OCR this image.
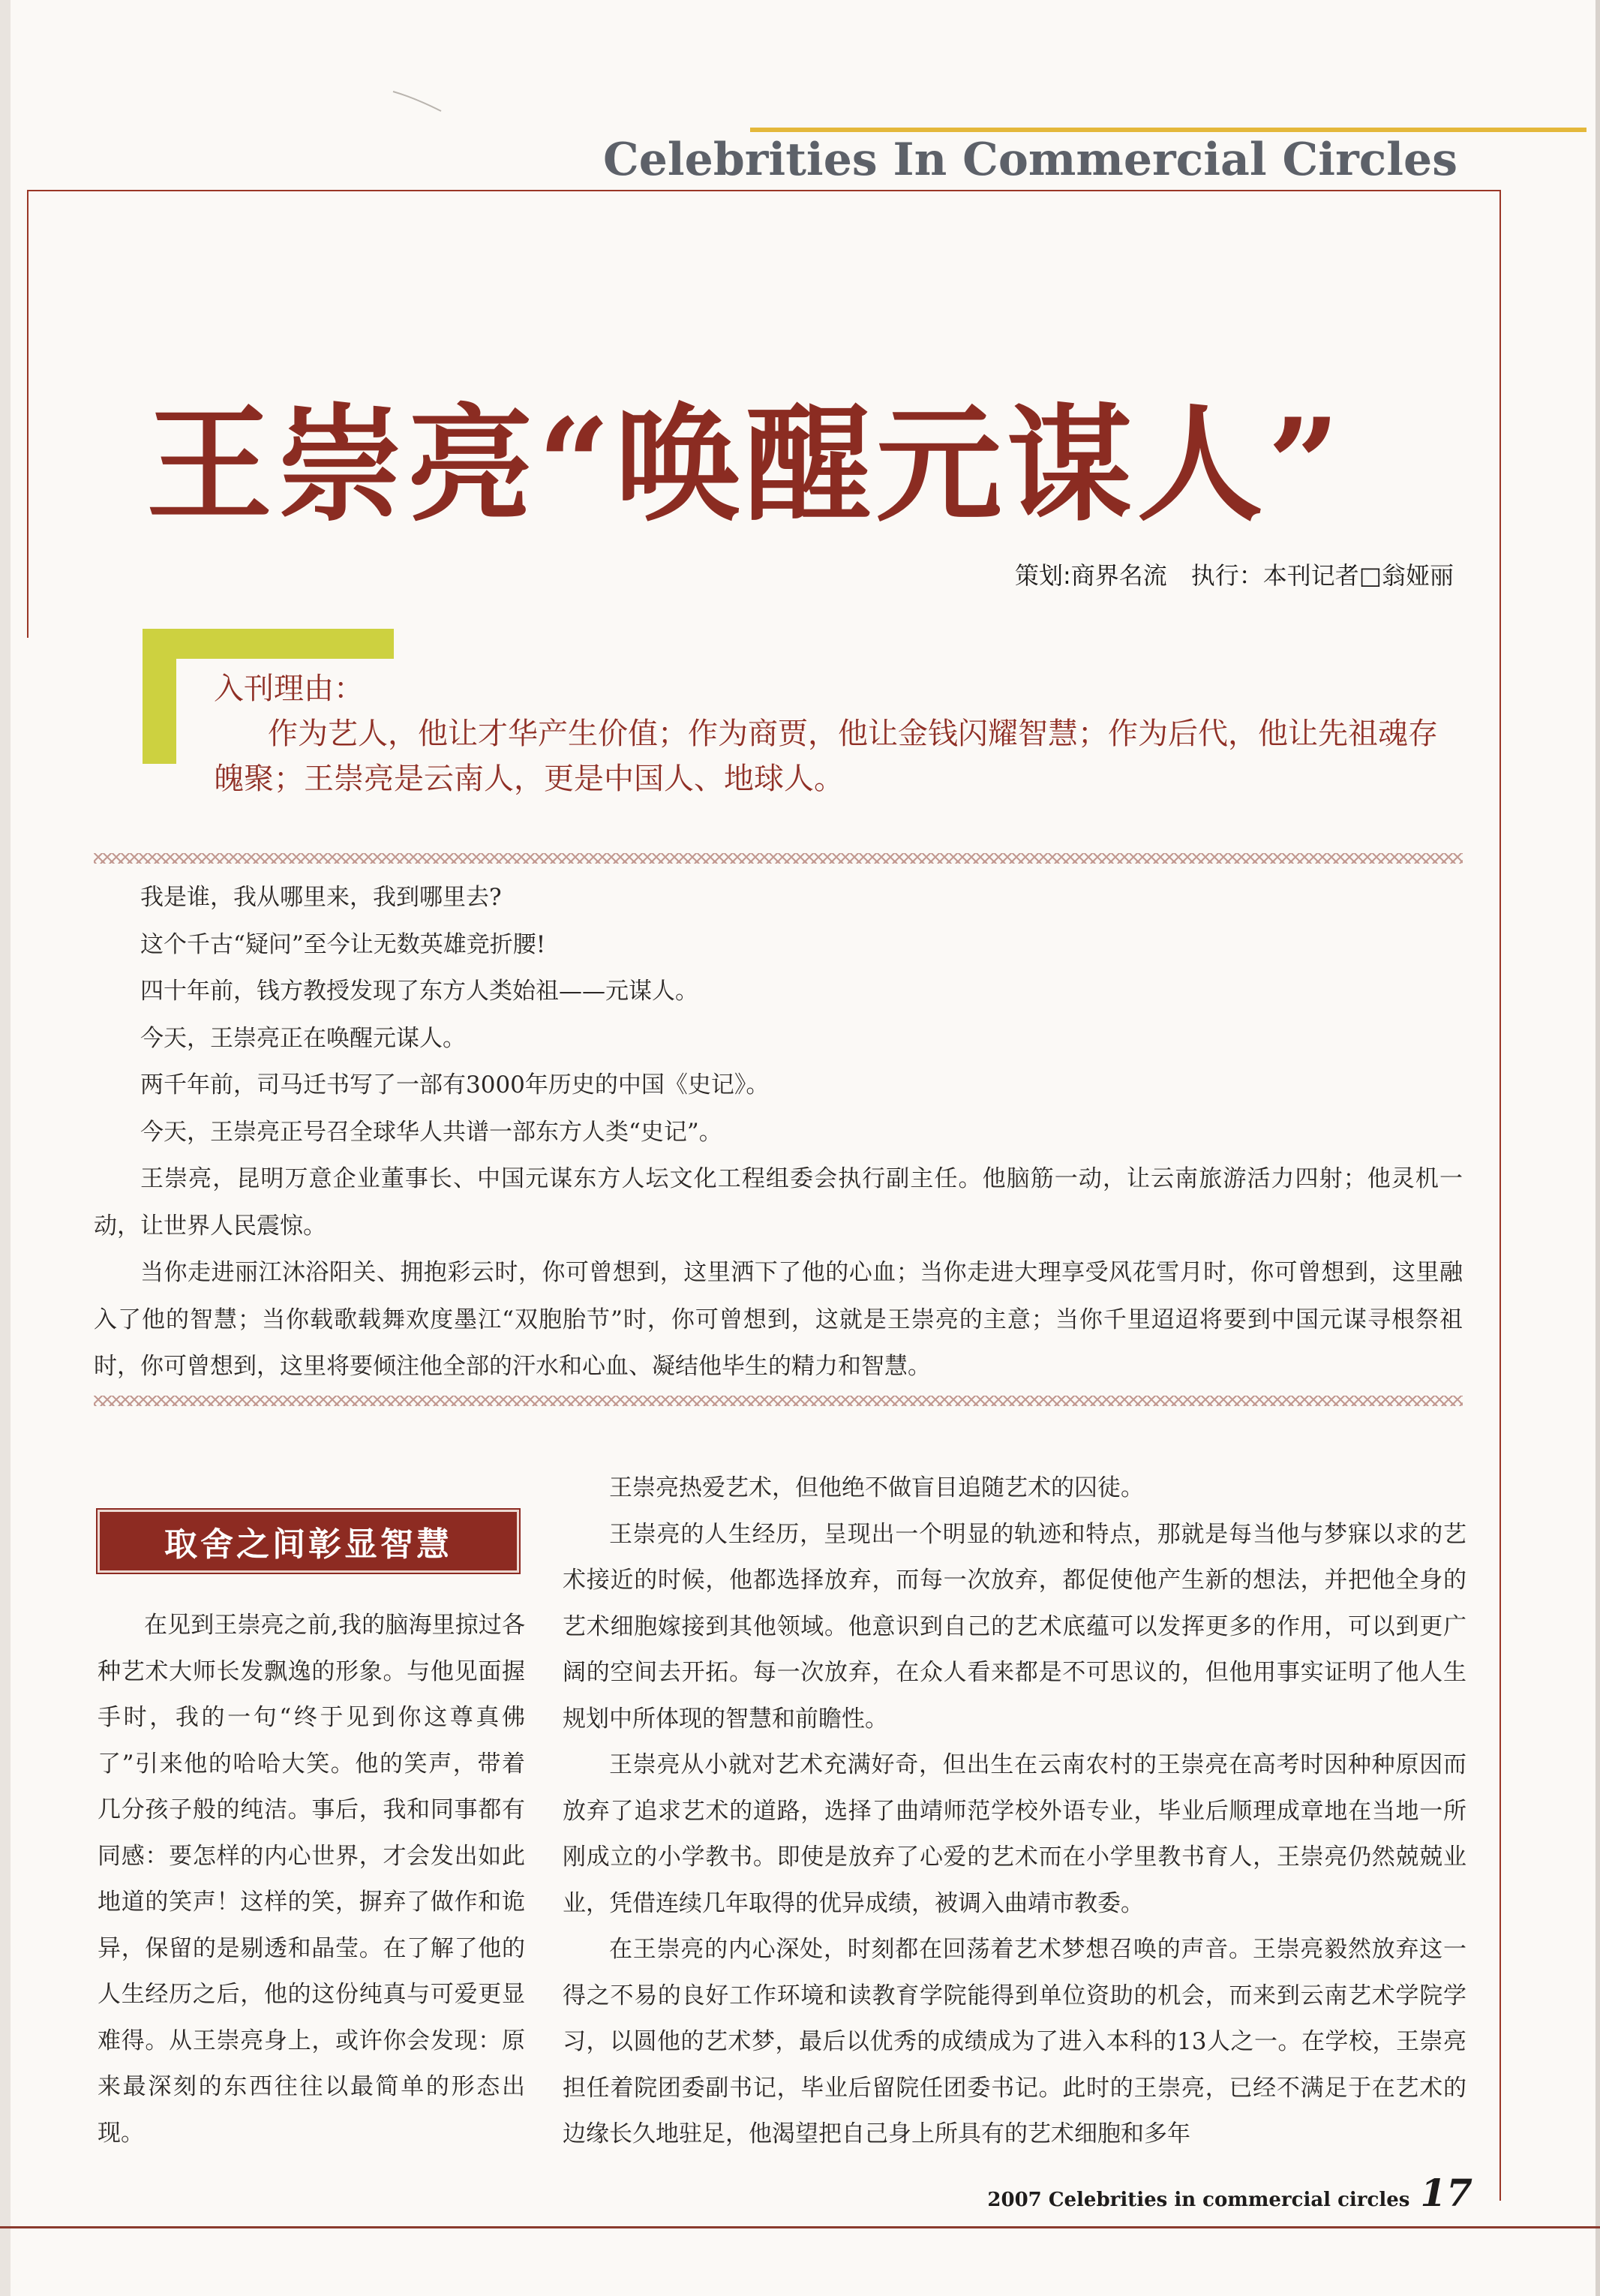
Celebrities In Commercial Circles
王崇亮“唤醒元谋人”
策划:商界名流　执行：本刊记者□翁娅丽

入刊理由：

作为艺人，他让才华产生价值；作为商贾，他让金钱闪耀智慧；作为后代，他让先祖魂存魄聚；王崇亮是云南人，更是中国人、地球人。

我是谁，我从哪里来，我到哪里去?

这个千古“疑问”至今让无数英雄竞折腰!

四十年前，钱方教授发现了东方人类始祖——元谋人。

今天，王崇亮正在唤醒元谋人。

两千年前，司马迁书写了一部有3000年历史的中国《史记》。

今天，王崇亮正号召全球华人共谱一部东方人类“史记”。

王崇亮，昆明万意企业董事长、中国元谋东方人坛文化工程组委会执行副主任。他脑筋一动，让云南旅游活力四射；他灵机一动，让世界人民震惊。

当你走进丽江沐浴阳关、拥抱彩云时，你可曾想到，这里洒下了他的心血；当你走进大理享受风花雪月时，你可曾想到，这里融入了他的智慧；当你载歌载舞欢度墨江“双胞胎节”时，你可曾想到，这就是王崇亮的主意；当你千里迢迢将要到中国元谋寻根祭祖时，你可曾想到，这里将要倾注他全部的汗水和心血、凝结他毕生的精力和智慧。

取舍之间彰显智慧
在见到王崇亮之前,我的脑海里掠过各种艺术大师长发飘逸的形象。与他见面握手时，我的一句“终于见到你这尊真佛了”引来他的哈哈大笑。他的笑声，带着几分孩子般的纯洁。事后，我和同事都有同感：要怎样的内心世界，才会发出如此地道的笑声！这样的笑，摒弃了做作和诡异，保留的是剔透和晶莹。在了解了他的人生经历之后，他的这份纯真与可爱更显难得。从王崇亮身上，或许你会发现：原来最深刻的东西往往以最简单的形态出现。

王崇亮热爱艺术，但他绝不做盲目追随艺术的囚徒。

王崇亮的人生经历，呈现出一个明显的轨迹和特点，那就是每当他与梦寐以求的艺术接近的时候，他都选择放弃，而每一次放弃，都促使他产生新的想法，并把他全身的艺术细胞嫁接到其他领域。他意识到自己的艺术底蕴可以发挥更多的作用，可以到更广阔的空间去开拓。每一次放弃，在众人看来都是不可思议的，但他用事实证明了他人生规划中所体现的智慧和前瞻性。

王崇亮从小就对艺术充满好奇，但出生在云南农村的王崇亮在高考时因种种原因而放弃了追求艺术的道路，选择了曲靖师范学校外语专业，毕业后顺理成章地在当地一所刚成立的小学教书。即使是放弃了心爱的艺术而在小学里教书育人，王崇亮仍然兢兢业业，凭借连续几年取得的优异成绩，被调入曲靖市教委。

在王崇亮的内心深处，时刻都在回荡着艺术梦想召唤的声音。王崇亮毅然放弃这一得之不易的良好工作环境和读教育学院能得到单位资助的机会，而来到云南艺术学院学习，以圆他的艺术梦，最后以优秀的成绩成为了进入本科的13人之一。在学校，王崇亮担任着院团委副书记，毕业后留院任团委书记。此时的王崇亮，已经不满足于在艺术的边缘长久地驻足，他渴望把自己身上所具有的艺术细胞和多年

2007 Celebrities in commercial circles 17
